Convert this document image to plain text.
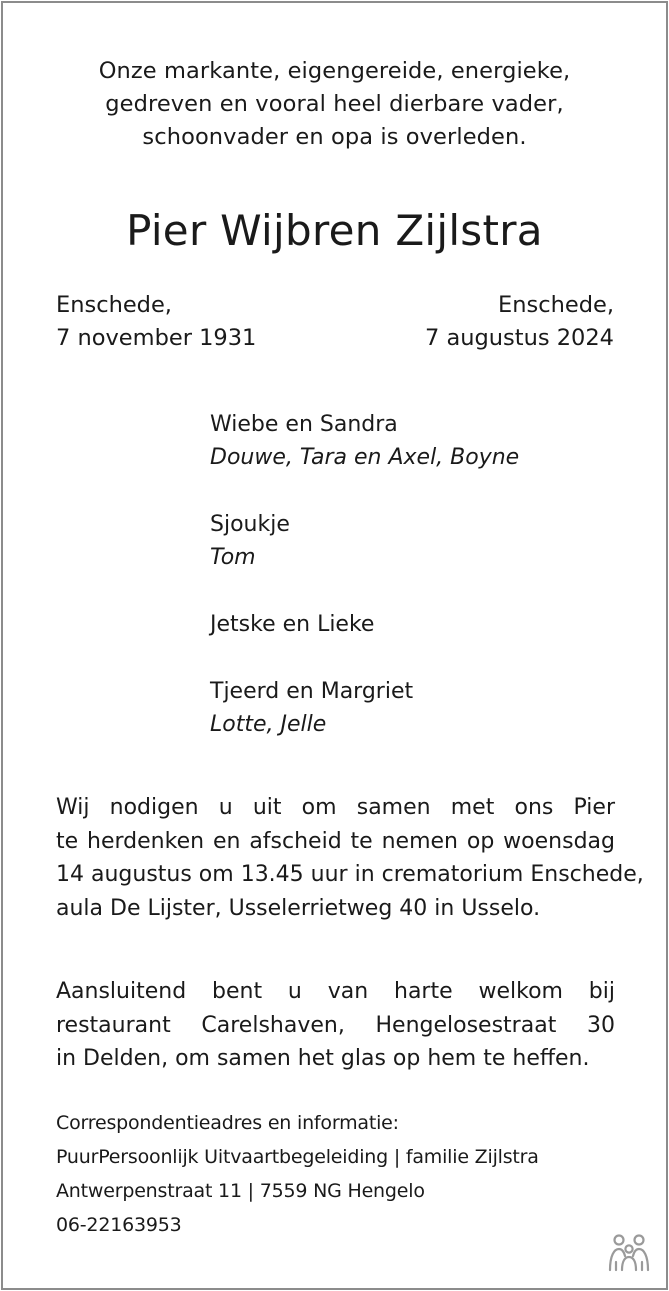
Onze markante, eigengereide, energieke,
gedreven en vooral heel dierbare vader,
schoonvader en opa is overleden.
Pier Wijbren Zijlstra
Enschede,
7 november 1931
Enschede,
7 augustus 2024
Wiebe en Sandra
Douwe, Tara en Axel, Boyne
Sjoukje
Tom
Jetske en Lieke
Tjeerd en Margriet
Lotte, Jelle
Wij nodigen u uit om samen met ons Pier
te herdenken en afscheid te nemen op woensdag
14 augustus om 13.45 uur in crematorium Enschede,
aula De Lijster, Usselerrietweg 40 in Usselo.
Aansluitend bent u van harte welkom bij
restaurant Carelshaven, Hengelosestraat 30
in Delden, om samen het glas op hem te heffen.
Correspondentieadres en informatie:
PuurPersoonlijk Uitvaartbegeleiding | familie Zijlstra
Antwerpenstraat 11 | 7559 NG Hengelo
06-22163953
